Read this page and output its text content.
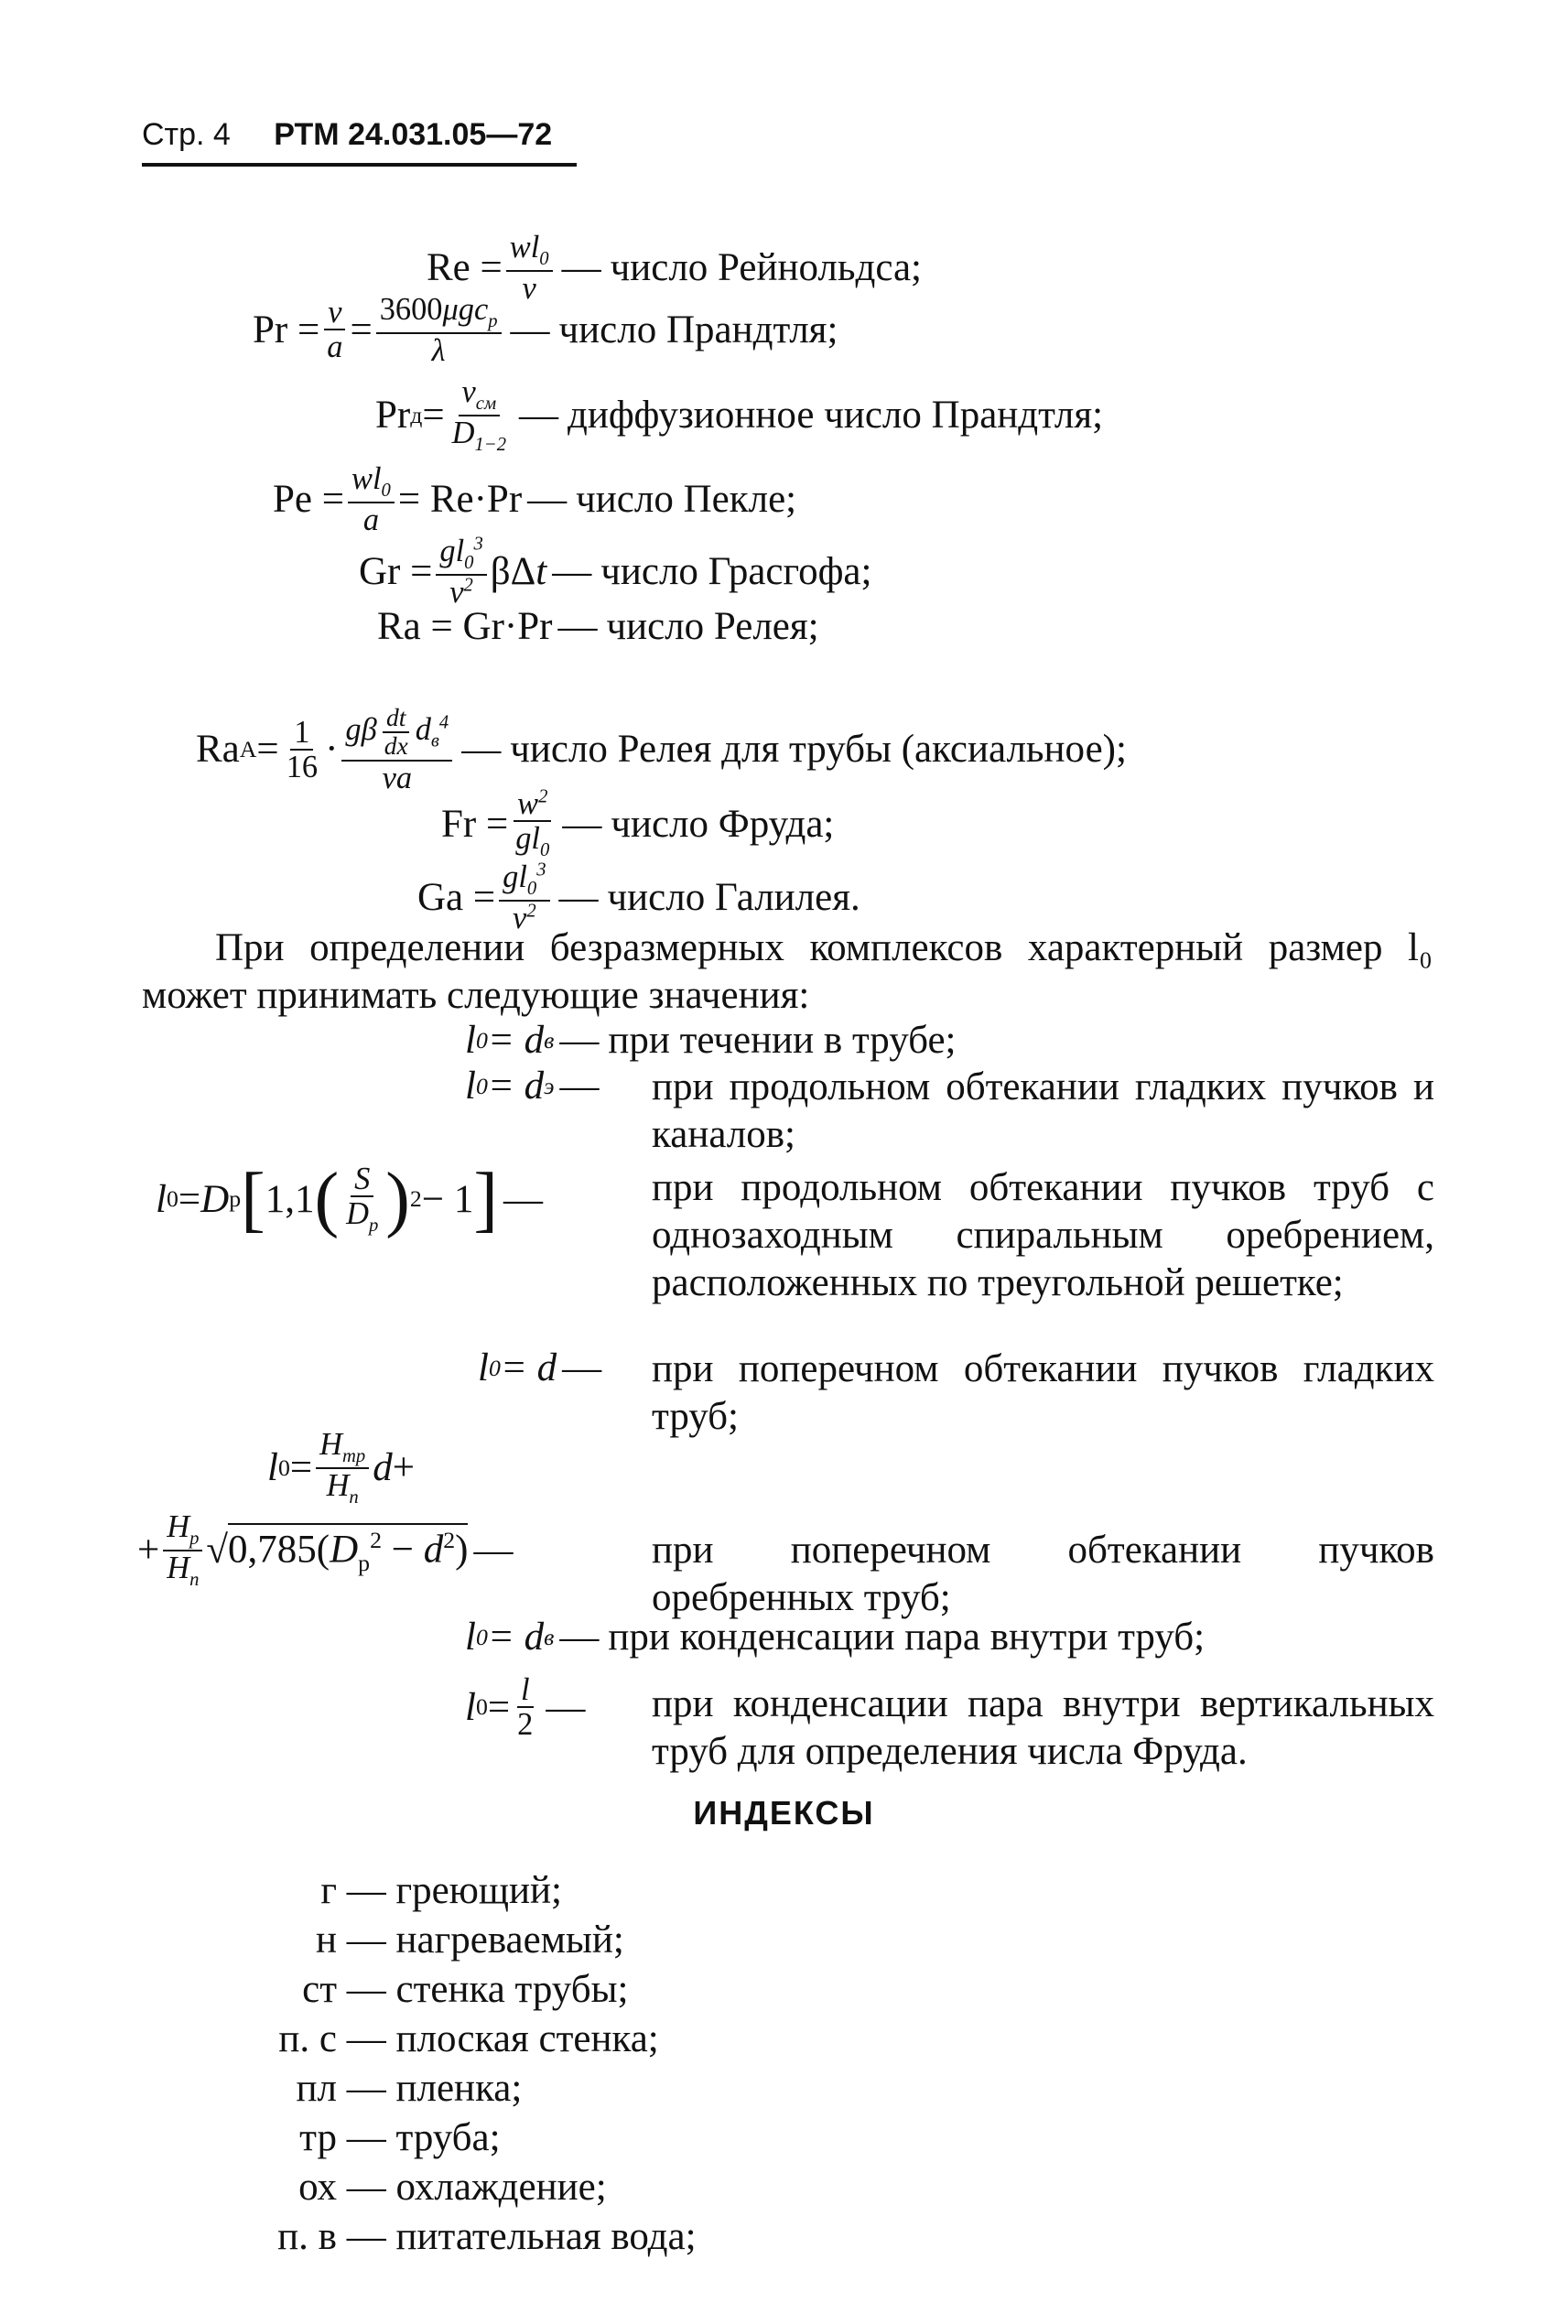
Стр. 4 РТМ 24.031.05—72
$Re = \frac{wl_0}{\nu}$ — число Рейнольдса;
$Pr = \frac{\nu}{a} = \frac{3600\mu gc_p}{\lambda}$ — число Прандтля;
Pr $д = \frac{\nu_{см}}{D_{1-2}}$ — диффузионное число Прандтля;
$Pe = \frac{wl_0}{a} = Re\cdot Pr$ — число Пекле;
$Gr = \frac{gl_0^3}{\nu^2}$ βΔ t — число Грасгофа;
Ra = Gr·Pr — число Релея;
Ra $A = \frac{1}{16} \cdot \frac{g\beta \frac{dt}{dx} d_в^4}{\nu a}$ — число Релея для трубы (аксиальное);
$Fr = \frac{w^2}{gl_0}$ — число Фруда;
$Ga = \frac{gl_0^3}{\nu^2}$ — число Галилея.
При определении безразмерных комплексов характерный размер l₀ может принимать следующие значения:
l 0 = d в — при течении в трубе;
l 0 = d э — при продольном обтекании гладких пучков и каналов;
l 0 = D р [ 1,1 ( $\frac{S}{D_р}$ ) 2 − 1 ] —	при продольном обтекании пучков труб с однозаходным спиральным оребрением, расположенных по треугольной решетке;
l 0 = d — при поперечном обтекании пучков гладких труб;
l $0 = \frac{H_{тр}}{H_п}$ d +
+ $\frac{H_р}{H_п}$ √ $0,785(D_р^2 - d^2)$ —	при поперечном обтекании пучков оребренных труб;
l 0 = d в — при конденсации пара внутри труб;
l $0 = \frac{l}{2}$ — при конденсации пара внутри вертикальных труб для определения числа Фруда.
ИНДЕКСЫ
г — греющий;
н — нагреваемый;
ст — стенка трубы;
п. с — плоская стенка;
пл — пленка;
тр — труба;
ох — охлаждение;
п. в — питательная вода;
